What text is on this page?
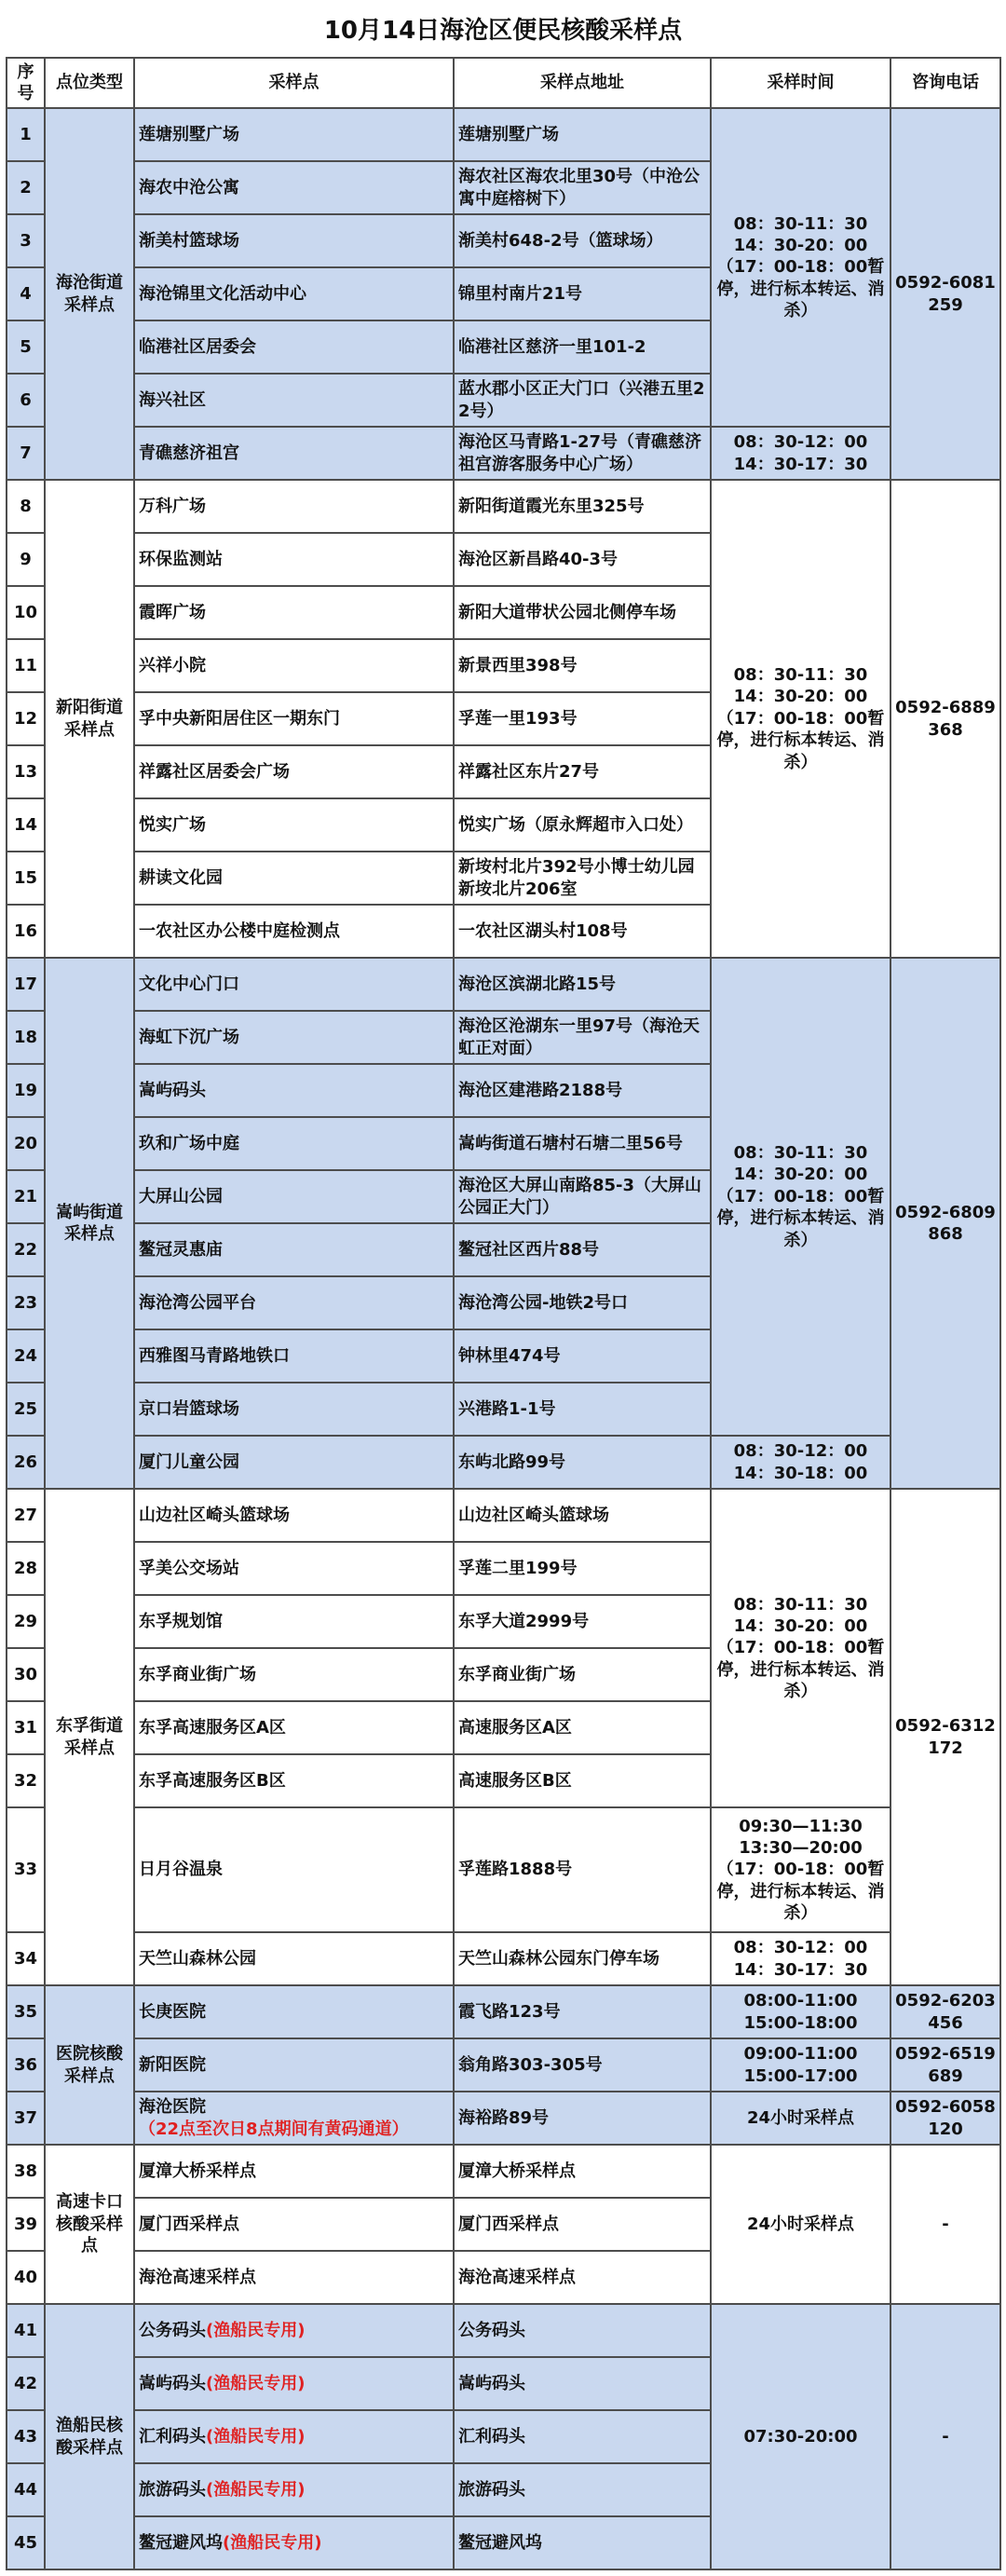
10月14日海沧区便民核酸采样点
序号	点位类型	采样点	采样点地址	采样时间	咨询电话
1	海沧街道采样点	莲塘别墅广场	莲塘别墅广场	08：30-11：30
14：30-20：00
（17：00-18：00暂停，进行标本转运、消杀）	0592-6081259
2		海农中沧公寓	海农社区海农北里30号（中沧公寓中庭榕树下）		
3		渐美村篮球场	渐美村648-2号（篮球场）		
4		海沧锦里文化活动中心	锦里村南片21号		
5		临港社区居委会	临港社区慈济一里101-2		
6		海兴社区	蓝水郡小区正大门口（兴港五里22号）		
7		青礁慈济祖宫	海沧区马青路1-27号（青礁慈济祖宫游客服务中心广场）	08：30-12：00
14：30-17：30	
8	新阳街道采样点	万科广场	新阳街道霞光东里325号	08：30-11：30
14：30-20：00
（17：00-18：00暂停，进行标本转运、消杀）	0592-6889368
9		环保监测站	海沧区新昌路40-3号		
10		霞晖广场	新阳大道带状公园北侧停车场		
11		兴祥小院	新景西里398号		
12		孚中央新阳居住区一期东门	孚莲一里193号		
13		祥露社区居委会广场	祥露社区东片27号		
14		悦实广场	悦实广场（原永辉超市入口处）		
15		耕读文化园	新垵村北片392号小博士幼儿园新垵北片206室		
16		一农社区办公楼中庭检测点	一农社区湖头村108号		
17	嵩屿街道采样点	文化中心门口	海沧区滨湖北路15号	08：30-11：30
14：30-20：00
（17：00-18：00暂停，进行标本转运、消杀）	0592-6809868
18		海虹下沉广场	海沧区沧湖东一里97号（海沧天虹正对面）		
19		嵩屿码头	海沧区建港路2188号		
20		玖和广场中庭	嵩屿街道石塘村石塘二里56号		
21		大屏山公园	海沧区大屏山南路85-3（大屏山公园正大门）		
22		鳌冠灵惠庙	鳌冠社区西片88号		
23		海沧湾公园平台	海沧湾公园-地铁2号口		
24		西雅图马青路地铁口	钟林里474号		
25		京口岩篮球场	兴港路1-1号		
26		厦门儿童公园	东屿北路99号	08：30-12：00
14：30-18：00	
27	东孚街道采样点	山边社区崎头篮球场	山边社区崎头篮球场	08：30-11：30
14：30-20：00
（17：00-18：00暂停，进行标本转运、消杀）	0592-6312172
28		孚美公交场站	孚莲二里199号		
29		东孚规划馆	东孚大道2999号		
30		东孚商业街广场	东孚商业街广场		
31		东孚高速服务区A区	高速服务区A区		
32		东孚高速服务区B区	高速服务区B区		
33		日月谷温泉	孚莲路1888号	09:30—11:30
13:30—20:00
（17：00-18：00暂停，进行标本转运、消杀）	
34		天竺山森林公园	天竺山森林公园东门停车场	08：30-12：00
14：30-17：30	
35	医院核酸采样点	长庚医院	霞飞路123号	08:00-11:00
15:00-18:00	0592-6203456
36		新阳医院	翁角路303-305号	09:00-11:00
15:00-17:00	0592-6519689
37		海沧医院
（22点至次日8点期间有黄码通道）	海裕路89号	24小时采样点	0592-6058120
38	高速卡口核酸采样点	厦漳大桥采样点	厦漳大桥采样点	24小时采样点	-
39		厦门西采样点	厦门西采样点		
40		海沧高速采样点	海沧高速采样点		
41	渔船民核酸采样点	公务码头(渔船民专用)	公务码头	07:30-20:00	-
42		嵩屿码头(渔船民专用)	嵩屿码头		
43		汇利码头(渔船民专用)	汇利码头		
44		旅游码头(渔船民专用)	旅游码头		
45		鳌冠避风坞(渔船民专用)	鳌冠避风坞		
